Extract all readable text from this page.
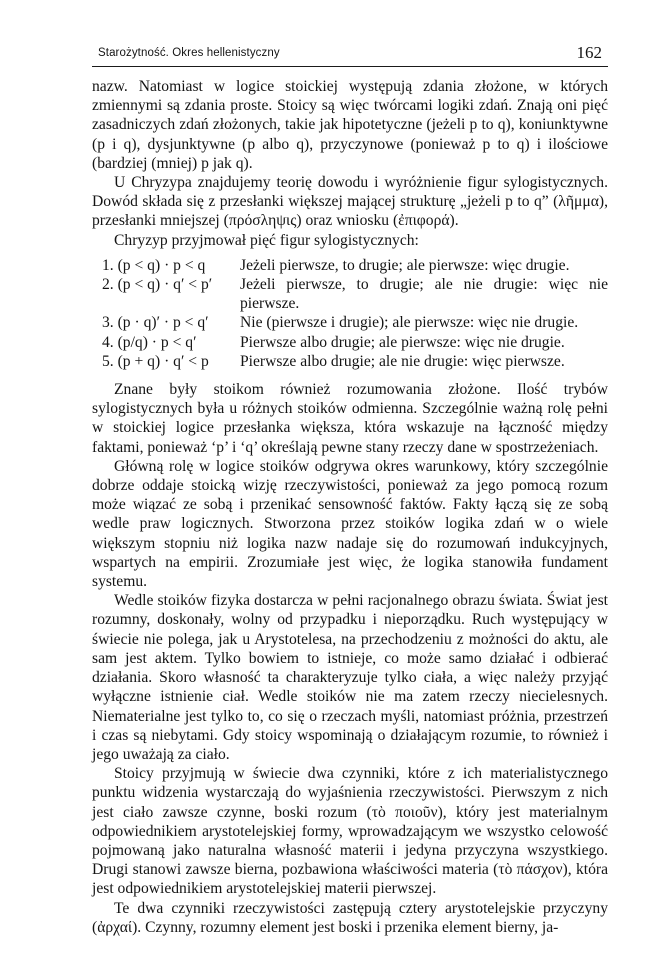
Starożytność. Okres hellenistyczny	162

nazw. Natomiast w logice stoickiej występują zdania złożone, w których zmiennymi są zdania proste. Stoicy są więc twórcami logiki zdań. Znają oni pięć zasadniczych zdań złożonych, takie jak hipotetyczne (jeżeli p to q), koniunktywne (p i q), dysjunktywne (p albo q), przyczynowe (ponieważ p to q) i ilościowe (bardziej (mniej) p jak q).

U Chryzypa znajdujemy teorię dowodu i wyróżnienie figur sylogistycznych. Dowód składa się z przesłanki większej mającej strukturę „jeżeli p to q” (λῆμμα), przesłanki mniejszej (πρόσληψις) oraz wniosku (ἐπιφορά).

Chryzyp przyjmował pięć figur sylogistycznych:

1. (p < q) · p < q	Jeżeli pierwsze, to drugie; ale pierwsze: więc drugie.
2. (p < q) · q′ < p′	Jeżeli pierwsze, to drugie; ale nie drugie: więc nie pierwsze.
3. (p · q)′ · p < q′	Nie (pierwsze i drugie); ale pierwsze: więc nie drugie.
4. (p/q) · p < q′	Pierwsze albo drugie; ale pierwsze: więc nie drugie.
5. (p + q) · q′ < p	Pierwsze albo drugie; ale nie drugie: więc pierwsze.

Znane były stoikom również rozumowania złożone. Ilość trybów sylogistycznych była u różnych stoików odmienna. Szczególnie ważną rolę pełni w stoickiej logice przesłanka większa, która wskazuje na łączność między faktami, ponieważ ‘p’ i ‘q’ określają pewne stany rzeczy dane w spostrzeżeniach.

Główną rolę w logice stoików odgrywa okres warunkowy, który szczególnie dobrze oddaje stoicką wizję rzeczywistości, ponieważ za jego pomocą rozum może wiązać ze sobą i przenikać sensowność faktów. Fakty łączą się ze sobą wedle praw logicznych. Stworzona przez stoików logika zdań w o wiele większym stopniu niż logika nazw nadaje się do rozumowań indukcyjnych, wspartych na empirii. Zrozumiałe jest więc, że logika stanowiła fundament systemu.

Wedle stoików fizyka dostarcza w pełni racjonalnego obrazu świata. Świat jest rozumny, doskonały, wolny od przypadku i nieporządku. Ruch występujący w świecie nie polega, jak u Arystotelesa, na przechodzeniu z możności do aktu, ale sam jest aktem. Tylko bowiem to istnieje, co może samo działać i odbierać działania. Skoro własność ta charakteryzuje tylko ciała, a więc należy przyjąć wyłączne istnienie ciał. Wedle stoików nie ma zatem rzeczy niecielesnych. Niematerialne jest tylko to, co się o rzeczach myśli, natomiast próżnia, przestrzeń i czas są niebytami. Gdy stoicy wspominają o działającym rozumie, to również i jego uważają za ciało.

Stoicy przyjmują w świecie dwa czynniki, które z ich materialistycznego punktu widzenia wystarczają do wyjaśnienia rzeczywistości. Pierwszym z nich jest ciało zawsze czynne, boski rozum (τὸ ποιοῦν), który jest materialnym odpowiednikiem arystotelejskiej formy, wprowadzającym we wszystko celowość pojmowaną jako naturalna własność materii i jedyna przyczyna wszystkiego. Drugi stanowi zawsze bierna, pozbawiona właściwości materia (τὸ πάσχον), która jest odpowiednikiem arystotelejskiej materii pierwszej.

Te dwa czynniki rzeczywistości zastępują cztery arystotelejskie przyczyny (ἀρχαί). Czynny, rozumny element jest boski i przenika element bierny, ja-
